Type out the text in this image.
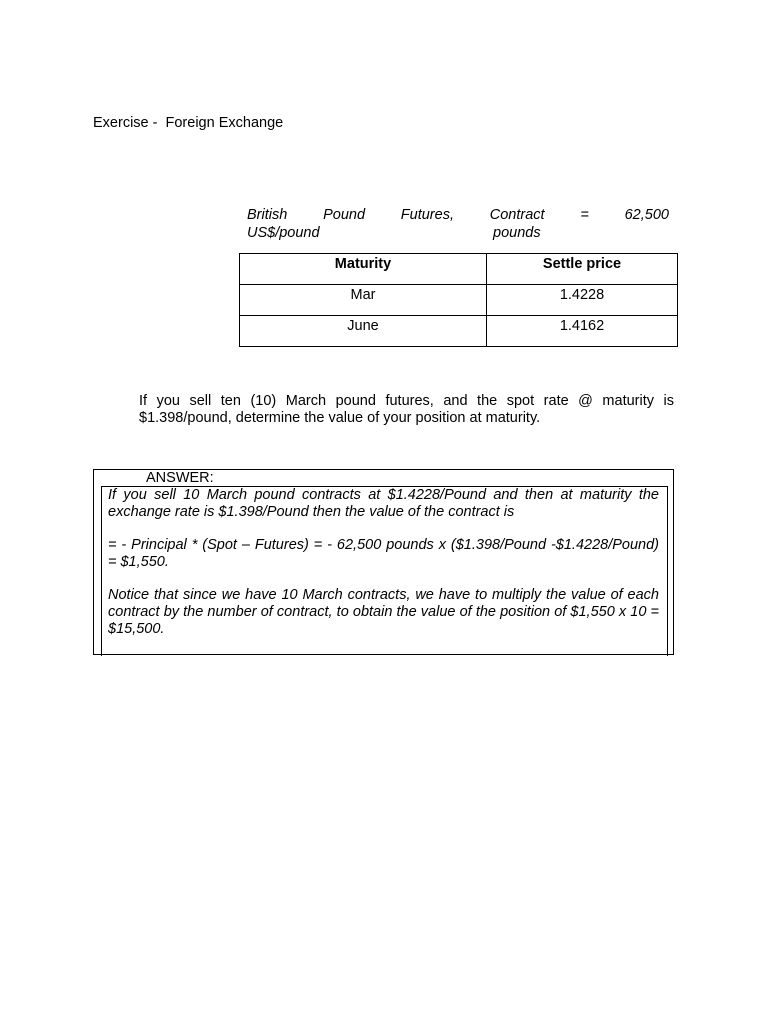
Exercise -  Foreign Exchange
British Pound Futures, Contract = 62,500
US$/pound	pounds
Maturity	Settle price
Mar	1.4228
June	1.4162
If you sell ten (10) March pound futures, and the spot rate @ maturity is $1.398/pound, determine the value of your position at maturity.
ANSWER:

If you sell 10 March pound contracts at $1.4228/Pound and then at maturity the exchange rate is $1.398/Pound then the value of the contract is

= - Principal * (Spot – Futures) = - 62,500 pounds x ($1.398/Pound -$1.4228/Pound) = $1,550.

Notice that since we have 10 March contracts, we have to multiply the value of each contract by the number of contract, to obtain the value of the position of $1,550 x 10 = $15,500.
